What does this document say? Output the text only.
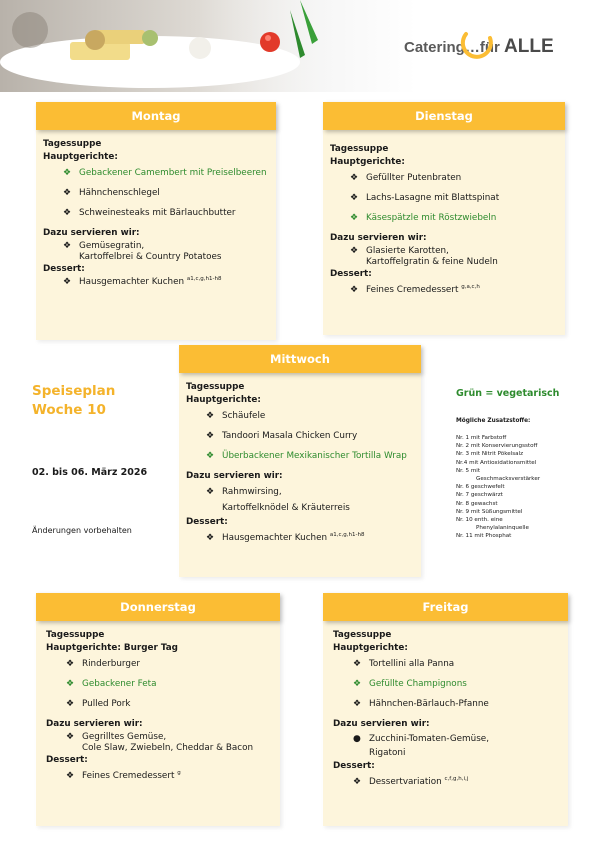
Catering…für ALLE
Montag
Tagessuppe
Hauptgerichte:
❖ Gebackener Camembert mit Preiselbeeren
❖ Hähnchenschlegel
❖ Schweinesteaks mit Bärlauchbutter
Dazu servieren wir:
❖ Gemüsegratin,
Kartoffelbrei & Country Potatoes
Dessert:
❖ Hausgemachter Kuchen $^{a1,c,g,h1-h8}$
Dienstag
Tagessuppe
Hauptgerichte:
❖ Gefüllter Putenbraten
❖ Lachs-Lasagne mit Blattspinat
❖ Käsespätzle mit Röstzwiebeln
Dazu servieren wir:
❖ Glasierte Karotten,
Kartoffelgratin & feine Nudeln
Dessert:
❖ Feines Cremedessert $^{g,a,c,h}$
Speiseplan
Woche 10
02. bis 06. März 2026
Änderungen vorbehalten
Mittwoch
Tagessuppe
Hauptgerichte:
❖ Schäufele
❖ Tandoori Masala Chicken Curry
❖ Überbackener Mexikanischer Tortilla Wrap
Dazu servieren wir:
❖ Rahmwirsing,
Kartoffelknödel & Kräuterreis
Dessert:
❖ Hausgemachter Kuchen $^{a1,c,g,h1-h8}$
Grün = vegetarisch
Mögliche Zusatzstoffe:
Nr. 1 mit Farbstoff
Nr. 2 mit Konservierungsstoff
Nr. 3 mit Nitrit Pökelsalz
Nr.4 mit Antioxidationsmittel
Nr. 5 mit
Geschmacksverstärker
Nr. 6 geschwefelt
Nr. 7 geschwärzt
Nr. 8 gewachst
Nr. 9 mit Süßungsmittel
Nr. 10 enth. eine
Phenylalaninquelle
Nr. 11 mit Phosphat
Donnerstag
Tagessuppe
Hauptgerichte: Burger Tag
❖ Rinderburger
❖ Gebackener Feta
❖ Pulled Pork
Dazu servieren wir:
❖ Gegrilltes Gemüse,
Cole Slaw, Zwiebeln, Cheddar & Bacon
Dessert:
❖ Feines Cremedessert $^g$
Freitag
Tagessuppe
Hauptgerichte:
❖ Tortellini alla Panna
❖ Gefüllte Champignons
❖ Hähnchen-Bärlauch-Pfanne
Dazu servieren wir:
● Zucchini-Tomaten-Gemüse,
Rigatoni
Dessert:
❖ Dessertvariation $^{c,f,g,h,i,j}$
